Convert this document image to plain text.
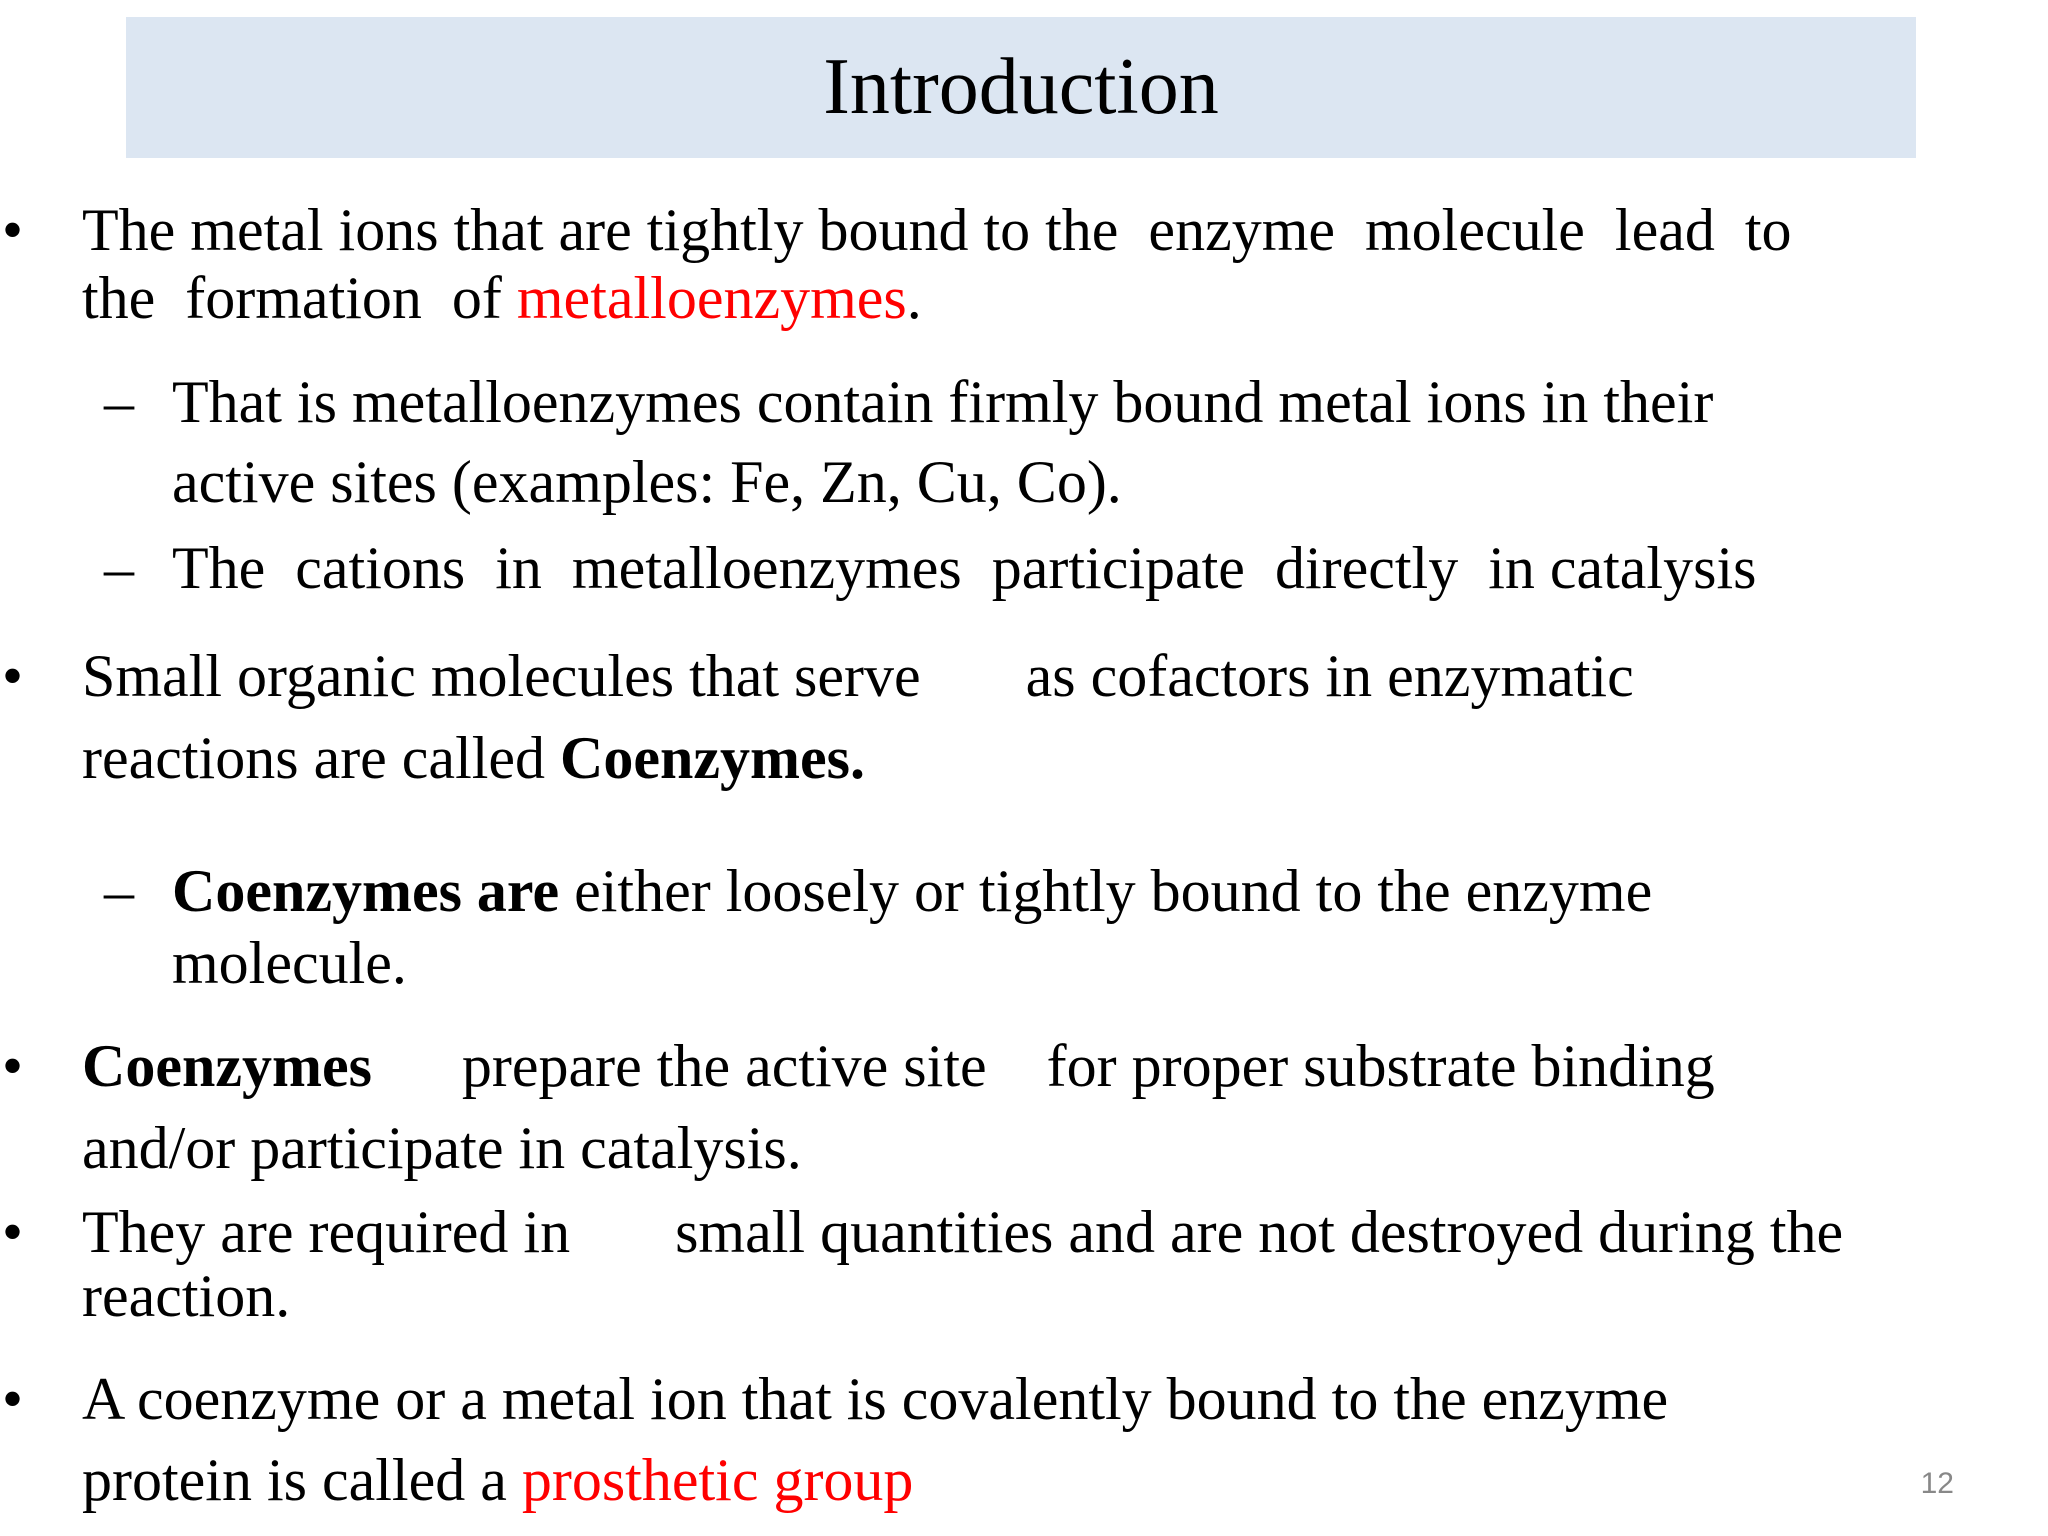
Introduction
• The metal ions that are tightly bound to the  enzyme  molecule  lead  to

the  formation  of metalloenzymes.

– That is metalloenzymes contain firmly bound metal ions in their

active sites (examples: Fe, Zn, Cu, Co).

– The  cations  in  metalloenzymes  participate  directly  in catalysis

• Small organic molecules that serve       as cofactors in enzymatic

reactions are called Coenzymes.

– Coenzymes are either loosely or tightly bound to the enzyme

molecule.

• Coenzymes      prepare the active site    for proper substrate binding

and/or participate in catalysis.

• They are required in       small quantities and are not destroyed during the

reaction.

• A coenzyme or a metal ion that is covalently bound to the enzyme

protein is called a prosthetic group	12
